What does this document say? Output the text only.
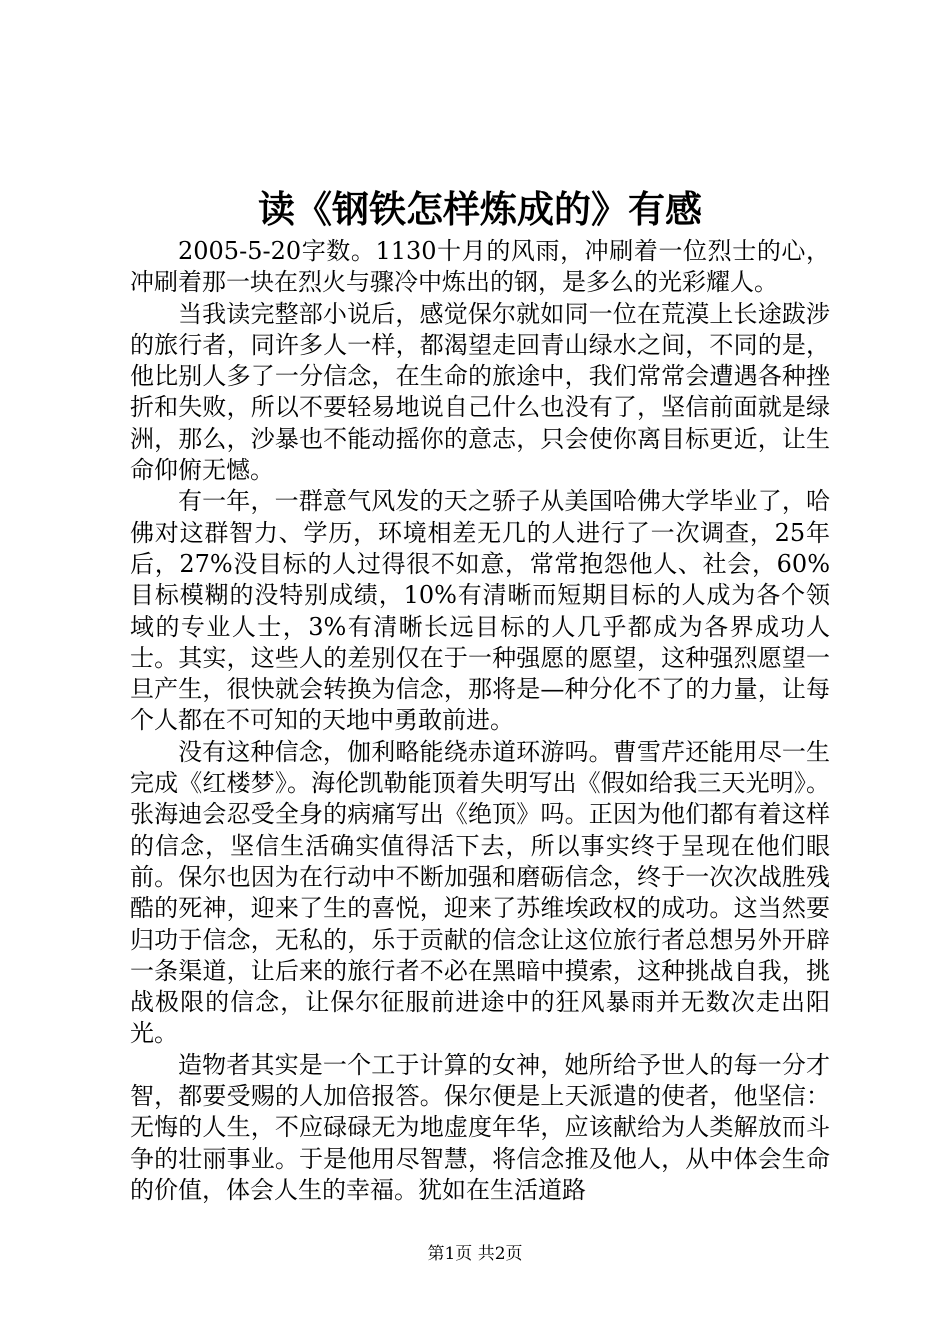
读《钢铁怎样炼成的》有感

2005-5-20字数。1130十月的风雨，冲刷着一位烈士的心，冲刷着那一块在烈火与骤冷中炼出的钢，是多么的光彩耀人。

当我读完整部小说后，感觉保尔就如同一位在荒漠上长途跋涉的旅行者，同许多人一样，都渴望走回青山绿水之间，不同的是，他比别人多了一分信念，在生命的旅途中，我们常常会遭遇各种挫折和失败，所以不要轻易地说自己什么也没有了，坚信前面就是绿洲，那么，沙暴也不能动摇你的意志，只会使你离目标更近，让生命仰俯无憾。

有一年，一群意气风发的天之骄子从美国哈佛大学毕业了，哈佛对这群智力、学历，环境相差无几的人进行了一次调查，25年后，27%没目标的人过得很不如意，常常抱怨他人、社会，60%目标模糊的没特别成绩，10%有清晰而短期目标的人成为各个领域的专业人士，3%有清晰长远目标的人几乎都成为各界成功人士。其实，这些人的差别仅在于一种强愿的愿望，这种强烈愿望一旦产生，很快就会转换为信念，那将是—种分化不了的力量，让每个人都在不可知的天地中勇敢前进。

没有这种信念，伽利略能绕赤道环游吗。曹雪芹还能用尽一生完成《红楼梦》。海伦凯勒能顶着失明写出《假如给我三天光明》。张海迪会忍受全身的病痛写出《绝顶》吗。正因为他们都有着这样的信念，坚信生活确实值得活下去，所以事实终于呈现在他们眼前。保尔也因为在行动中不断加强和磨砺信念，终于一次次战胜残酷的死神，迎来了生的喜悦，迎来了苏维埃政权的成功。这当然要归功于信念，无私的，乐于贡献的信念让这位旅行者总想另外开辟一条渠道，让后来的旅行者不必在黑暗中摸索，这种挑战自我，挑战极限的信念，让保尔征服前进途中的狂风暴雨并无数次走出阳光。

造物者其实是一个工于计算的女神，她所给予世人的每一分才智，都要受赐的人加倍报答。保尔便是上天派遣的使者，他坚信：无悔的人生，不应碌碌无为地虚度年华，应该献给为人类解放而斗争的壮丽事业。于是他用尽智慧，将信念推及他人，从中体会生命的价值，体会人生的幸福。犹如在生活道路

第1页 共2页
